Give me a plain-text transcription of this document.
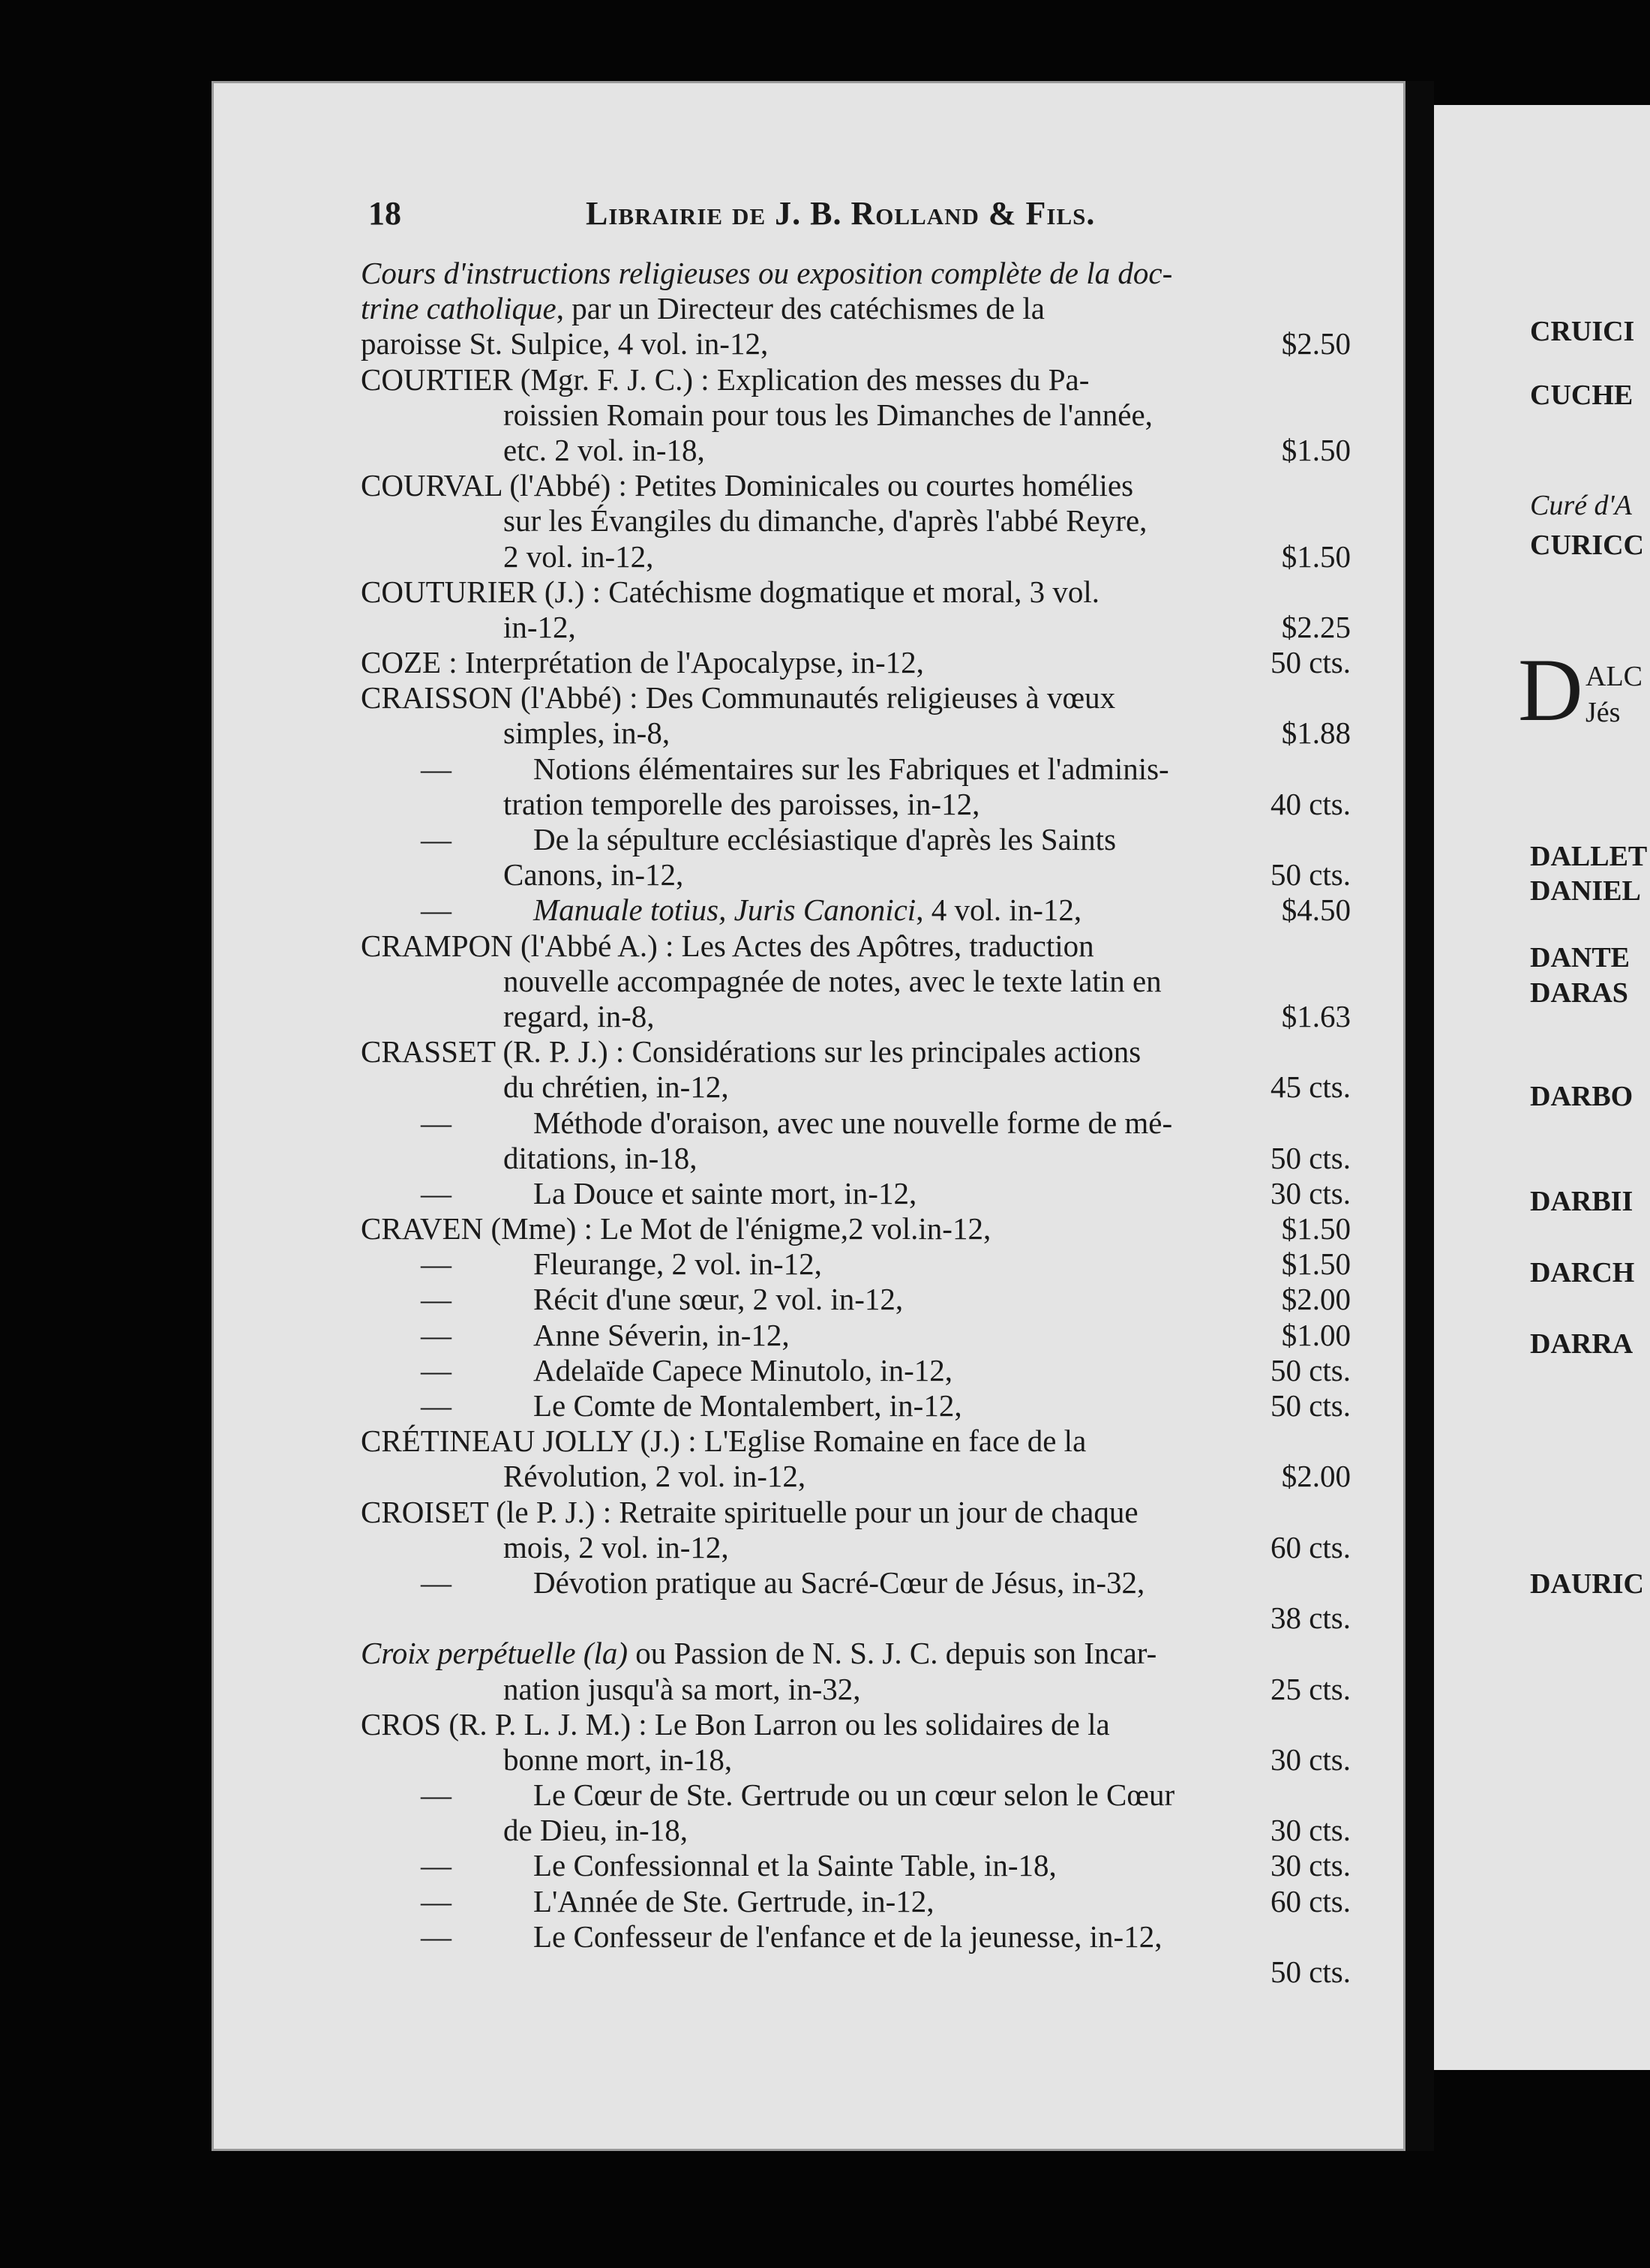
18	Librairie de J. B. Rolland & Fils.
Cours d'instructions religieuses ou exposition complète de la doc-
trine catholique, par un Directeur des catéchismes de la
paroisse St. Sulpice, 4 vol. in-12,	$2.50
COURTIER (Mgr. F. J. C.) : Explication des messes du Pa-
roissien Romain pour tous les Dimanches de l'année,
etc. 2 vol. in-18,	$1.50
COURVAL (l'Abbé) : Petites Dominicales ou courtes homélies
sur les Évangiles du dimanche, d'après l'abbé Reyre,
2 vol. in-12,	$1.50
COUTURIER (J.) : Catéchisme dogmatique et moral, 3 vol.
in-12,	$2.25
COZE : Interprétation de l'Apocalypse, in-12,	50 cts.
CRAISSON (l'Abbé) : Des Communautés religieuses à vœux
simples, in-8,	$1.88
—	Notions élémentaires sur les Fabriques et l'adminis-
tration temporelle des paroisses, in-12,	40 cts.
—	De la sépulture ecclésiastique d'après les Saints
Canons, in-12,	50 cts.
—	Manuale totius, Juris Canonici, 4 vol. in-12,	$4.50
CRAMPON (l'Abbé A.) : Les Actes des Apôtres, traduction
nouvelle accompagnée de notes, avec le texte latin en
regard, in-8,	$1.63
CRASSET (R. P. J.) : Considérations sur les principales actions
du chrétien, in-12,	45 cts.
—	Méthode d'oraison, avec une nouvelle forme de mé-
ditations, in-18,	50 cts.
—	La Douce et sainte mort, in-12,	30 cts.
CRAVEN (Mme) : Le Mot de l'énigme,2 vol.in-12,	$1.50
—	Fleurange, 2 vol. in-12,	$1.50
—	Récit d'une sœur, 2 vol. in-12,	$2.00
—	Anne Séverin, in-12,	$1.00
—	Adelaïde Capece Minutolo, in-12,	50 cts.
—	Le Comte de Montalembert, in-12,	50 cts.
CRÉTINEAU JOLLY (J.) : L'Eglise Romaine en face de la
Révolution, 2 vol. in-12,	$2.00
CROISET (le P. J.) : Retraite spirituelle pour un jour de chaque
mois, 2 vol. in-12,	60 cts.
—	Dévotion pratique au Sacré-Cœur de Jésus, in-32,
38 cts.
Croix perpétuelle (la) ou Passion de N. S. J. C. depuis son Incar-
nation jusqu'à sa mort, in-32,	25 cts.
CROS (R. P. L. J. M.) : Le Bon Larron ou les solidaires de la
bonne mort, in-18,	30 cts.
—	Le Cœur de Ste. Gertrude ou un cœur selon le Cœur
de Dieu, in-18,	30 cts.
—	Le Confessionnal et la Sainte Table, in-18,	30 cts.
—	L'Année de Ste. Gertrude, in-12,	60 cts.
—	Le Confesseur de l'enfance et de la jeunesse, in-12,
50 cts.
D
CRUICI
CUCHE
Curé d'A
CURICC
ALC
Jés
DALLET
DANIEL
DANTE
DARAS
DARBO
DARBII
DARCH
DARRA
DAURIC
